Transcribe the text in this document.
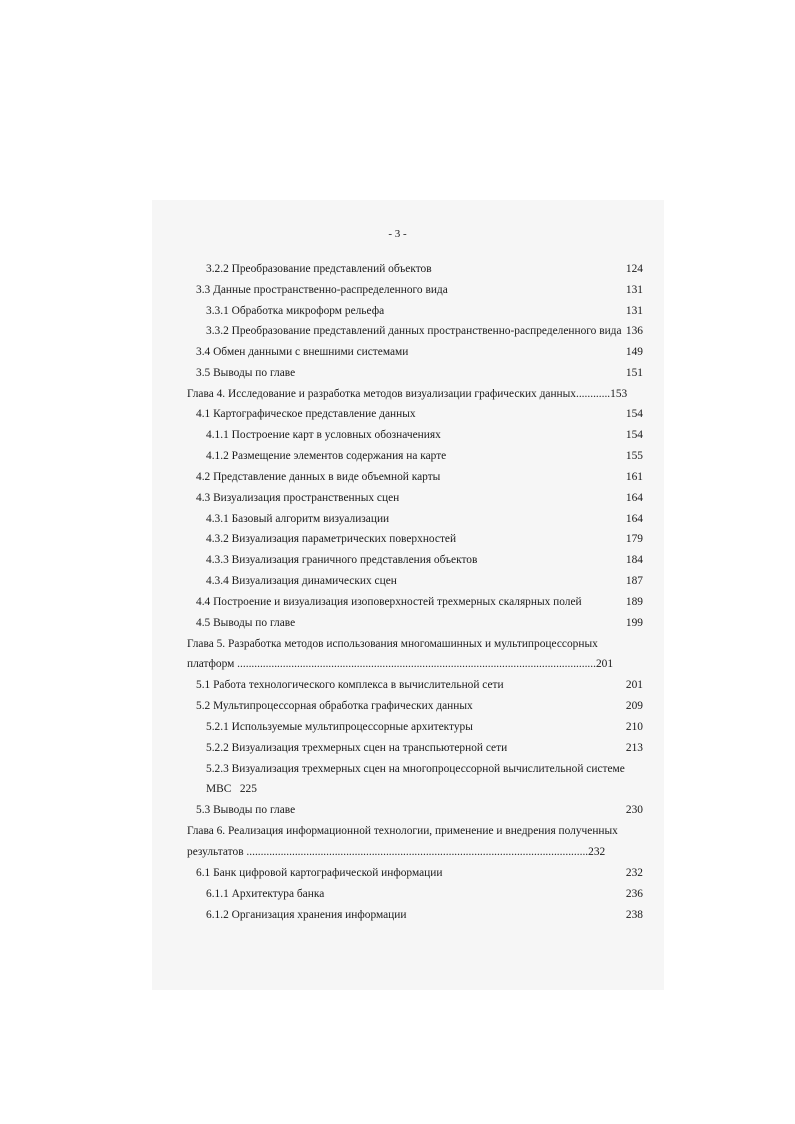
- 3 -
3.2.2 Преобразование представлений объектов	124
3.3 Данные пространственно-распределенного вида	131
3.3.1 Обработка микроформ рельефа	131
3.3.2 Преобразование представлений данных пространственно-распределенного вида 136
3.4 Обмен данными с внешними системами	149
3.5 Выводы по главе	151
Глава 4. Исследование и разработка методов визуализации графических данных............153
4.1 Картографическое представление данных	154
4.1.1 Построение карт в условных обозначениях	154
4.1.2 Размещение элементов содержания на карте	155
4.2 Представление данных в виде объемной карты	161
4.3 Визуализация пространственных сцен	164
4.3.1 Базовый алгоритм визуализации	164
4.3.2 Визуализация параметрических поверхностей	179
4.3.3 Визуализация граничного представления объектов	184
4.3.4 Визуализация динамических сцен	187
4.4 Построение и визуализация изоповерхностей трехмерных скалярных полей	189
4.5 Выводы по главе	199
Глава 5. Разработка методов использования многомашинных и мультипроцессорных
платформ ..............................................................................................................................201
5.1 Работа технологического комплекса в вычислительной сети	201
5.2 Мультипроцессорная обработка графических данных	209
5.2.1 Используемые мультипроцессорные архитектуры	210
5.2.2 Визуализация трехмерных сцен на транспьютерной сети	213
5.2.3 Визуализация трехмерных сцен на многопроцессорной вычислительной системе
МВС   225
5.3 Выводы по главе	230
Глава 6. Реализация информационной технологии, применение и внедрения полученных
результатов ........................................................................................................................232
6.1 Банк цифровой картографической информации	232
6.1.1 Архитектура банка	236
6.1.2 Организация хранения информации	238
